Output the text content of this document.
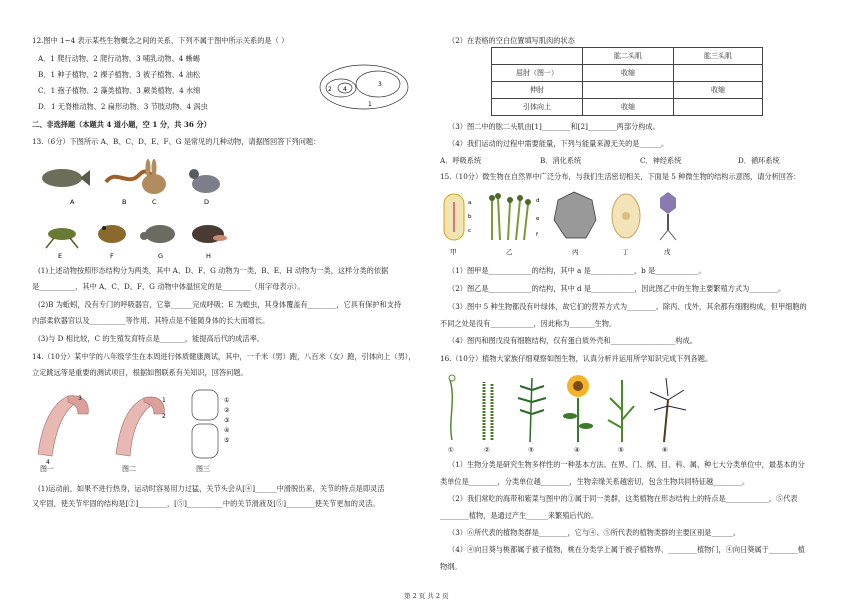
12.图中 1~4 表示某些生物概念之间的关系，下列不属于图中所示关系的是（ ）
A．1 爬行动物、2 爬行动物、3 哺乳动物、4 蜥蜴
B．1 种子植物、2 裸子植物、3 被子植物、4 油松
C．1 孢子植物、2 藻类植物、3 蕨类植物、4 水绵
D．1 无脊椎动物、2 扁形动物、3 节肢动物、4 涡虫
3
2 4
1
二、非选择题（本题共 4 道小题，空 1 分，共 36 分）
13.（6分）下图所示 A、B、C、D、E、F、G 是常见的几种动物，请据图回答下列问题：
A	B	C	D
E	F	G	H
(1)上述动物按照形态结构分为两类，其中 A、D、F、G 动物为一类，B、E、H 动物为一类，这样分类的依据
是__________，其中 A、C、D、F、G 动物中体温恒定的是________（用字母表示）。
(2)B 为蚯蚓，没有专门的呼吸器官，它靠______完成呼吸；E 为蝗虫，其身体覆盖有________，它具有保护和支持
内部柔软器官以及__________等作用，其特点是不能随身体的长大而增长。
(3)与 D 相比较，C 的生殖发育特点是_______，能提高后代的成活率。
14.（10分）某中学的八年级学生在本周进行体质健康测试，其中，一千米（男）跑，八百米（女）跑，引体向上（男），
立定跳远等是重要的测试项目，根据如图联系有关知识，回答问题。
3
4
1
2
①
②
③
④
⑤
图一	图二	图三
(1)运动前，如果不进行热身，运动时容易用力过猛，关节头会从[④]______中滑脱出来，关节的特点是即灵活
又牢固，使关节牢固的结构是[②]________，[⑤]__________中的关节滑液及[⑤]________使关节更加的灵活。
（2）在表格的空白位置填写肌肉的状态
	肱二头肌	肱三头肌
屈肘（图一）	收缩	
伸肘		收缩
引体向上	收缩	
（3）图二中的肱二头肌由[1]________和[2]________两部分构成。
（4）我们运动的过程中需要能量，下列与能量来源无关的是______。
A．呼吸系统	B．消化系统	C．神经系统	D．循环系统
15.（10分）微生物在自然界中广泛分布，与我们生活密切相关，下面是 5 种微生物的结构示意图，请分析回答：
a
b
c
d
e
f
甲	乙	丙	丁	戊
（1）图甲是____________的结构，其中 a 是____________，b 是____________。
（2）图乙是____________的结构，其中 d 是____________，因此图乙中的生物主要繁殖方式为________。
（3）图中 5 种生物都没有叶绿体，故它们的营养方式为________。除丙、戊外，其余都有细胞构成，但甲细胞的
不同之处是没有____________，因此称为_______生物。
（4）图丙和图戊没有细胞结构，仅有蛋白质外壳和__________________构成。
16.（10分）植物大家族仔细观察如图生物，认真分析并运用所学知识完成下列各题。
①	②	③	④	⑤	⑥
（1）生物分类是研究生物多样性的一种基本方法。在界、门、纲、目、科、属、种七大分类单位中，最基本的分
类单位是________，分类单位越________，生物亲缘关系越密切，包含生物共同特征越________。
（2）我们常吃的海带和紫菜与图中的①属于同一类群，这类植物在形态结构上的特点是____________。⑤代表
________植物，是通过产生______来繁殖后代的。
（3）⑥所代表的植物类群是________，它与④、⑤所代表的植物类群的主要区别是______。
（4）④向日葵与桃都属于被子植物，桃在分类学上属于被子植物界、________植物门，④向日葵属于________植
物纲。
第 2 页 共 2 页
